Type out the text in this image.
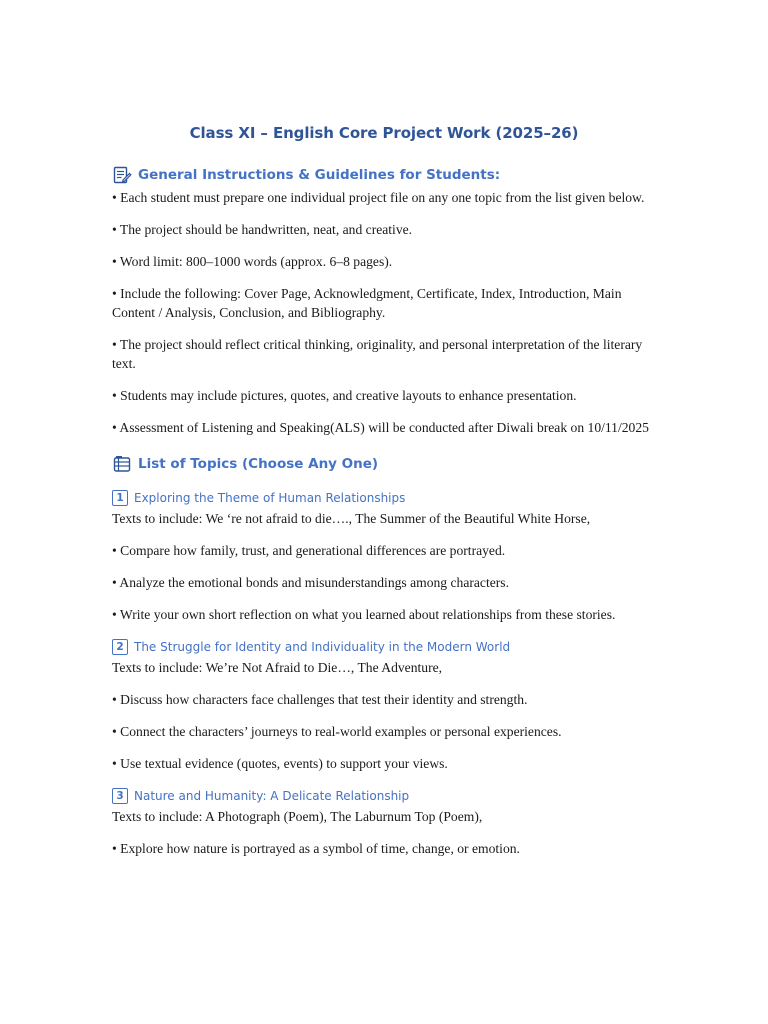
Class XI – English Core Project Work (2025–26)
General Instructions & Guidelines for Students:

• Each student must prepare one individual project file on any one topic from the list given below.

• The project should be handwritten, neat, and creative.

• Word limit: 800–1000 words (approx. 6–8 pages).

• Include the following: Cover Page, Acknowledgment, Certificate, Index, Introduction, Main Content / Analysis, Conclusion, and Bibliography.

• The project should reflect critical thinking, originality, and personal interpretation of the literary text.

• Students may include pictures, quotes, and creative layouts to enhance presentation.

• Assessment of Listening and Speaking(ALS) will be conducted after Diwali break on 10/11/2025

List of Topics (Choose Any One)
1 Exploring the Theme of Human Relationships

Texts to include: We ‘re not afraid to die…., The Summer of the Beautiful White Horse,

• Compare how family, trust, and generational differences are portrayed.

• Analyze the emotional bonds and misunderstandings among characters.

• Write your own short reflection on what you learned about relationships from these stories.

2 The Struggle for Identity and Individuality in the Modern World

Texts to include: We’re Not Afraid to Die…, The Adventure,

• Discuss how characters face challenges that test their identity and strength.

• Connect the characters’ journeys to real-world examples or personal experiences.

• Use textual evidence (quotes, events) to support your views.

3 Nature and Humanity: A Delicate Relationship

Texts to include: A Photograph (Poem), The Laburnum Top (Poem),

• Explore how nature is portrayed as a symbol of time, change, or emotion.
